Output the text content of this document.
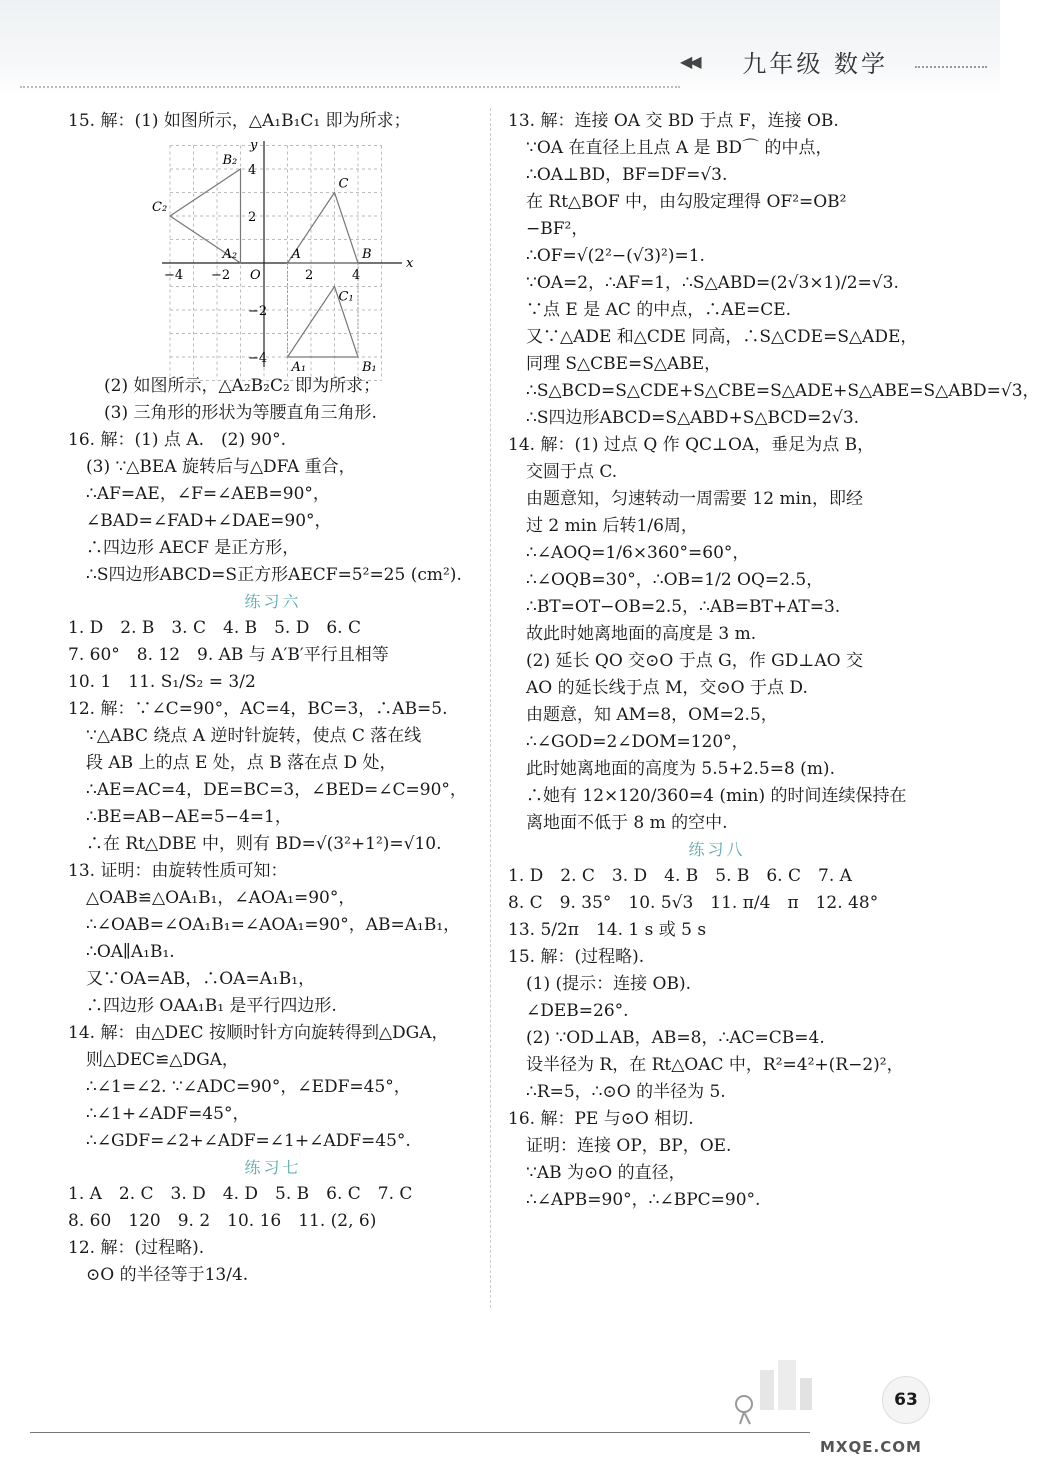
◀◀ 九年级 数学
15. 解：(1) 如图所示，△A₁B₁C₁ 即为所求；
x
y
O
−4 −2	2	4
4
2
−2
−4
A	B
C
A₁	B₁
C₁
A₂
B₂
C₂
(2) 如图所示，△A₂B₂C₂ 即为所求；
(3) 三角形的形状为等腰直角三角形.
16. 解：(1) 点 A.　(2) 90°.
(3) ∵△BEA 旋转后与△DFA 重合，
∴AF=AE，∠F=∠AEB=90°，
∠BAD=∠FAD+∠DAE=90°，
∴四边形 AECF 是正方形，
∴S四边形ABCD=S正方形AECF=5²=25 (cm²).
练习六
1. D　2. B　3. C　4. B　5. D　6. C
7. 60°　8. 12　9. AB 与 A′B′平行且相等
10. 1　11. S₁/S₂ = 3/2
12. 解：∵∠C=90°，AC=4，BC=3，∴AB=5.
∵△ABC 绕点 A 逆时针旋转，使点 C 落在线
段 AB 上的点 E 处，点 B 落在点 D 处，
∴AE=AC=4，DE=BC=3，∠BED=∠C=90°，
∴BE=AB−AE=5−4=1，
∴在 Rt△DBE 中，则有 BD=√(3²+1²)=√10.
13. 证明：由旋转性质可知：
△OAB≌△OA₁B₁，∠AOA₁=90°，
∴∠OAB=∠OA₁B₁=∠AOA₁=90°，AB=A₁B₁，
∴OA∥A₁B₁.
又∵OA=AB，∴OA=A₁B₁，
∴四边形 OAA₁B₁ 是平行四边形.
14. 解：由△DEC 按顺时针方向旋转得到△DGA，
则△DEC≌△DGA，
∴∠1=∠2. ∵∠ADC=90°，∠EDF=45°，
∴∠1+∠ADF=45°，
∴∠GDF=∠2+∠ADF=∠1+∠ADF=45°.
练习七
1. A　2. C　3. D　4. D　5. B　6. C　7. C
8. 60　120　9. 2　10. 16　11. (2, 6)
12. 解：(过程略).
⊙O 的半径等于13/4.
13. 解：连接 OA 交 BD 于点 F，连接 OB.
∵OA 在直径上且点 A 是 BD⌒ 的中点，
∴OA⊥BD，BF=DF=√3.
在 Rt△BOF 中，由勾股定理得 OF²=OB²
−BF²，
∴OF=√(2²−(√3)²)=1.
∵OA=2，∴AF=1，∴S△ABD=(2√3×1)/2=√3.
∵点 E 是 AC 的中点，∴AE=CE.
又∵△ADE 和△CDE 同高，∴S△CDE=S△ADE，
同理 S△CBE=S△ABE，
∴S△BCD=S△CDE+S△CBE=S△ADE+S△ABE=S△ABD=√3，
∴S四边形ABCD=S△ABD+S△BCD=2√3.
14. 解：(1) 过点 Q 作 QC⊥OA，垂足为点 B，
交圆于点 C.
由题意知，匀速转动一周需要 12 min，即经
过 2 min 后转1/6周，
∴∠AOQ=1/6×360°=60°，
∴∠OQB=30°，∴OB=1/2 OQ=2.5，
∴BT=OT−OB=2.5，∴AB=BT+AT=3.
故此时她离地面的高度是 3 m.
(2) 延长 QO 交⊙O 于点 G，作 GD⊥AO 交
AO 的延长线于点 M，交⊙O 于点 D.
由题意，知 AM=8，OM=2.5，
∴∠GOD=2∠DOM=120°，
此时她离地面的高度为 5.5+2.5=8 (m).
∴她有 12×120/360=4 (min) 的时间连续保持在
离地面不低于 8 m 的空中.
练习八
1. D　2. C　3. D　4. B　5. B　6. C　7. A
8. C　9. 35°　10. 5√3　11. π/4　π　12. 48°
13. 5/2π　14. 1 s 或 5 s
15. 解：(过程略).
(1) (提示：连接 OB).
∠DEB=26°.
(2) ∵OD⊥AB，AB=8，∴AC=CB=4.
设半径为 R，在 Rt△OAC 中，R²=4²+(R−2)²，
∴R=5，∴⊙O 的半径为 5.
16. 解：PE 与⊙O 相切.
证明：连接 OP，BP，OE.
∵AB 为⊙O 的直径，
∴∠APB=90°，∴∠BPC=90°.
63
MXQE.COM
